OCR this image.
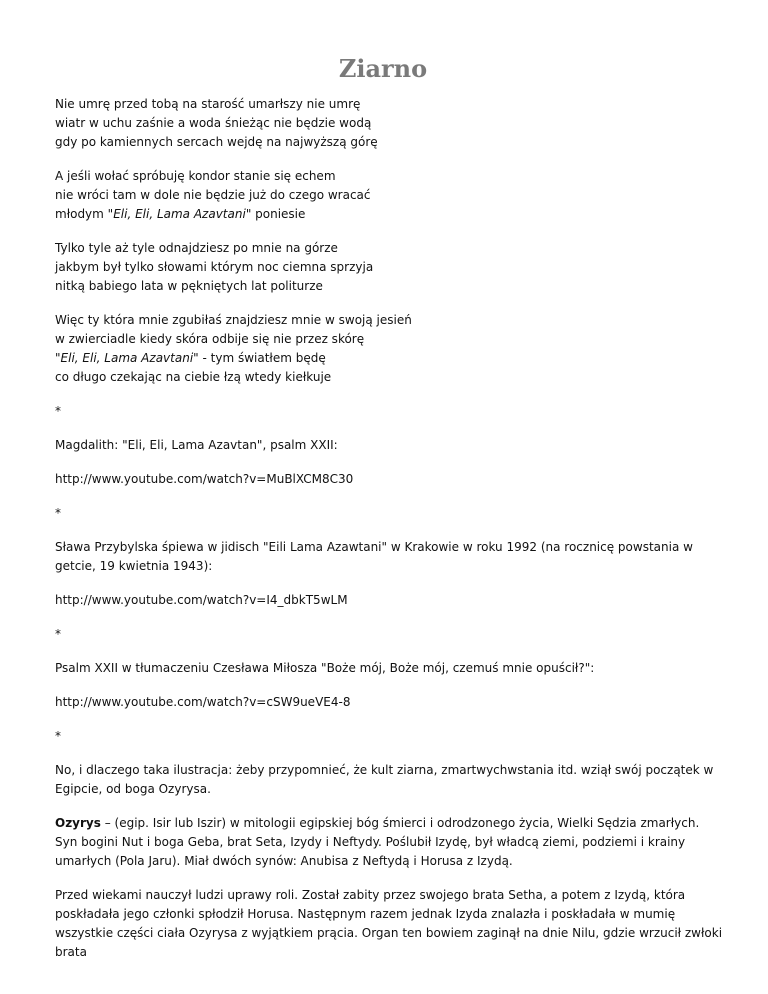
Ziarno
Nie umrę przed tobą na starość umarłszy nie umrę
wiatr w uchu zaśnie a woda śnieżąc nie będzie wodą
gdy po kamiennych sercach wejdę na najwyższą górę
A jeśli wołać spróbuję kondor stanie się echem
nie wróci tam w dole nie będzie już do czego wracać
młodym "Eli, Eli, Lama Azavtani" poniesie
Tylko tyle aż tyle odnajdziesz po mnie na górze
jakbym był tylko słowami którym noc ciemna sprzyja
nitką babiego lata w pękniętych lat politurze
Więc ty która mnie zgubiłaś znajdziesz mnie w swoją jesień
w zwierciadle kiedy skóra odbije się nie przez skórę
"Eli, Eli, Lama Azavtani" - tym światłem będę
co długo czekając na ciebie łzą wtedy kiełkuje
*
Magdalith: "Eli, Eli, Lama Azavtan", psalm XXII:
http://www.youtube.com/watch?v=MuBlXCM8C30
*
Sława Przybylska śpiewa w jidisch "Eili Lama Azawtani" w Krakowie w roku 1992 (na rocznicę powstania w getcie, 19 kwietnia 1943):
http://www.youtube.com/watch?v=I4_dbkT5wLM
*
Psalm XXII w tłumaczeniu Czesława Miłosza "Boże mój, Boże mój, czemuś mnie opuścił?":
http://www.youtube.com/watch?v=cSW9ueVE4-8
*
No, i dlaczego taka ilustracja: żeby przypomnieć, że kult ziarna, zmartwychwstania itd. wziął swój początek w Egipcie, od boga Ozyrysa.
Ozyrys – (egip. Isir lub Iszir) w mitologii egipskiej bóg śmierci i odrodzonego życia, Wielki Sędzia zmarłych. Syn bogini Nut i boga Geba, brat Seta, Izydy i Neftydy. Poślubił Izydę, był władcą ziemi, podziemi i krainy umarłych (Pola Jaru). Miał dwóch synów: Anubisa z Neftydą i Horusa z Izydą.
Przed wiekami nauczył ludzi uprawy roli. Został zabity przez swojego brata Setha, a potem z Izydą, która poskładała jego członki spłodził Horusa. Następnym razem jednak Izyda znalazła i poskładała w mumię wszystkie części ciała Ozyrysa z wyjątkiem prącia. Organ ten bowiem zaginął na dnie Nilu, gdzie wrzucił zwłoki brata
